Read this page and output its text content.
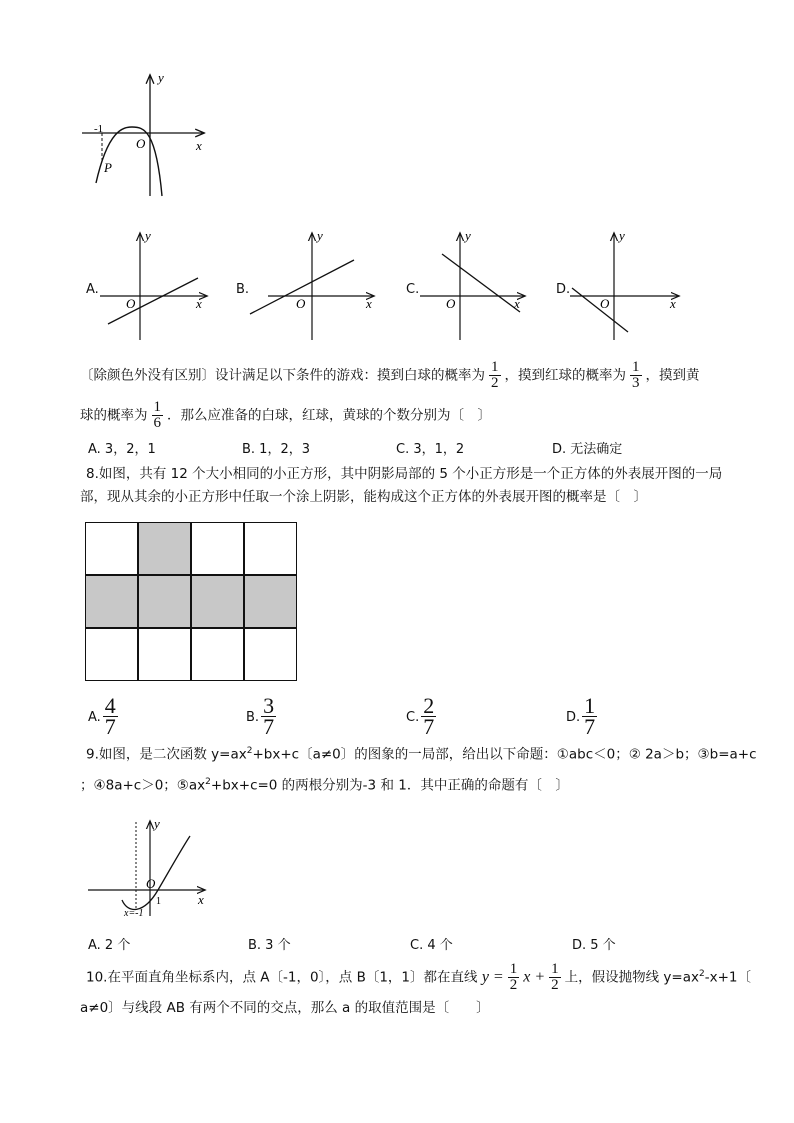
y
x
O
-1
P
A.
y
x
O
B.
y
x
O
C.
y
x
O
D.
y
x
O
〔除颜色外没有区别〕设计满足以下条件的游戏：摸到白球的概率为 $\frac{1}{2}$ ，摸到红球的概率为 $\frac{1}{3}$ ，摸到黄
球的概率为 $\frac{1}{6}$ ．那么应准备的白球，红球，黄球的个数分别为〔　〕
A. 3，2，1	B. 1，2，3	C. 3，1，2	D. 无法确定
8.如图，共有 12 个大小相同的小正方形，其中阴影局部的 5 个小正方形是一个正方体的外表展开图的一局
部，现从其余的小正方形中任取一个涂上阴影，能构成这个正方体的外表展开图的概率是〔　〕
A. $\frac{4}{7}$	B. $\frac{3}{7}$	C. $\frac{2}{7}$	D. $\frac{1}{7}$
9.如图，是二次函数 $y=ax^2+bx+c$〔a≠0〕的图象的一局部，给出以下命题：①abc＜0；② 2a＞b；③b=a+c
；④8a+c＞0；$⑤ax^2+bx+c=0$ 的两根分别为-3 和 1．其中正确的命题有〔　〕
y
x
O
1
x=-1
A. 2 个	B. 3 个	C. 4 个	D. 5 个
10.在平面直角坐标系内，点 A〔-1，0〕，点 B〔1，1〕都在直线 $y = \frac{1}{2}$ $x + \frac{1}{2}$ 上，假设抛物线 $y=ax^2-x+1$〔
a≠0〕与线段 AB 有两个不同的交点，那么 a 的取值范围是〔　　〕
